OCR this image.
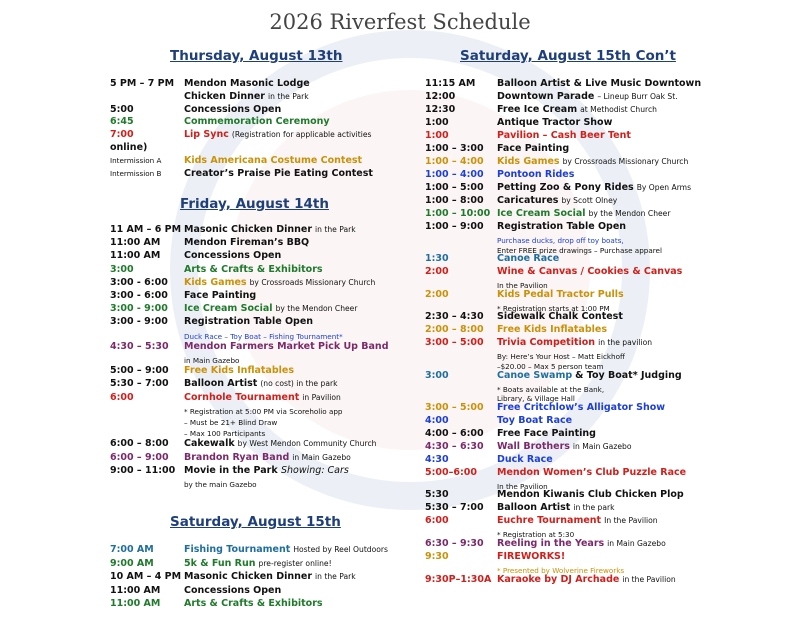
2026 Riverfest Schedule
Thursday, August 13th
5 PM – 7 PM Mendon Masonic Lodge
Chicken Dinner in the Park
5:00	Concessions Open
6:45	Commemoration Ceremony
7:00	Lip Sync (Registration for applicable activities
online)
Intermission A Kids Americana Costume Contest
Intermission B Creator’s Praise Pie Eating Contest
Friday, August 14th
11 AM – 6 PM Masonic Chicken Dinner in the Park
11:00 AM Mendon Fireman’s BBQ
11:00 AM Concessions Open
3:00	Arts & Crafts & Exhibitors
3:00 - 6:00 Kids Games by Crossroads Missionary Church
3:00 - 6:00 Face Painting
3:00 - 9:00 Ice Cream Social by the Mendon Cheer
3:00 - 9:00 Registration Table Open
Duck Race – Toy Boat – Fishing Tournament*
4:30 – 5:30 Mendon Farmers Market Pick Up Band
in Main Gazebo
5:00 – 9:00 Free Kids Inflatables
5:30 – 7:00 Balloon Artist (no cost) in the park
6:00	Cornhole Tournament in Pavilion
* Registration at 5:00 PM via Scoreholio app
– Must be 21+ Blind Draw
– Max 100 Participants
6:00 – 8:00 Cakewalk by West Mendon Community Church
6:00 – 9:00 Brandon Ryan Band in Main Gazebo
9:00 – 11:00 Movie in the Park Showing: Cars
by the main Gazebo
Saturday, August 15th
7:00 AM	Fishing Tournament Hosted by Reel Outdoors
9:00 AM	5k & Fun Run pre-register online!
10 AM – 4 PM Masonic Chicken Dinner in the Park
11:00 AM Concessions Open
11:00 AM Arts & Crafts & Exhibitors
Saturday, August 15th Con’t
11:15 AM Balloon Artist & Live Music Downtown
12:00	Downtown Parade – Lineup Burr Oak St.
12:30	Free Ice Cream at Methodist Church
1:00	Antique Tractor Show
1:00	Pavilion – Cash Beer Tent
1:00 – 3:00 Face Painting
1:00 – 4:00 Kids Games by Crossroads Missionary Church
1:00 – 4:00 Pontoon Rides
1:00 – 5:00 Petting Zoo & Pony Rides By Open Arms
1:00 – 8:00 Caricatures by Scott Olney
1:00 – 10:00 Ice Cream Social by the Mendon Cheer
1:00 – 9:00 Registration Table Open
Purchase ducks, drop off toy boats,
Enter FREE prize drawings – Purchase apparel
1:30	Canoe Race
2:00	Wine & Canvas / Cookies & Canvas
In the Pavilion
2:00	Kids Pedal Tractor Pulls
* Registration starts at 1:00 PM
2:30 – 4:30 Sidewalk Chalk Contest
2:00 – 8:00 Free Kids Inflatables
3:00 – 5:00 Trivia Competition in the pavilion
By: Here’s Your Host – Matt Eickhoff
–$20.00 – Max 5 person team
3:00	Canoe Swamp & Toy Boat* Judging
* Boats available at the Bank,
Library, & Village Hall
3:00 – 5:00 Free Critchlow’s Alligator Show
4:00	Toy Boat Race
4:00 – 6:00 Free Face Painting
4:30 – 6:30 Wall Brothers in Main Gazebo
4:30	Duck Race
5:00–6:00 Mendon Women’s Club Puzzle Race
In the Pavilion
5:30	Mendon Kiwanis Club Chicken Plop
5:30 – 7:00 Balloon Artist in the park
6:00	Euchre Tournament In the Pavilion
* Registration at 5:30
6:30 – 9:30 Reeling in the Years in Main Gazebo
9:30	FIREWORKS!
* Presented by Wolverine Fireworks
9:30P–1:30A Karaoke by DJ Archade in the Pavilion
